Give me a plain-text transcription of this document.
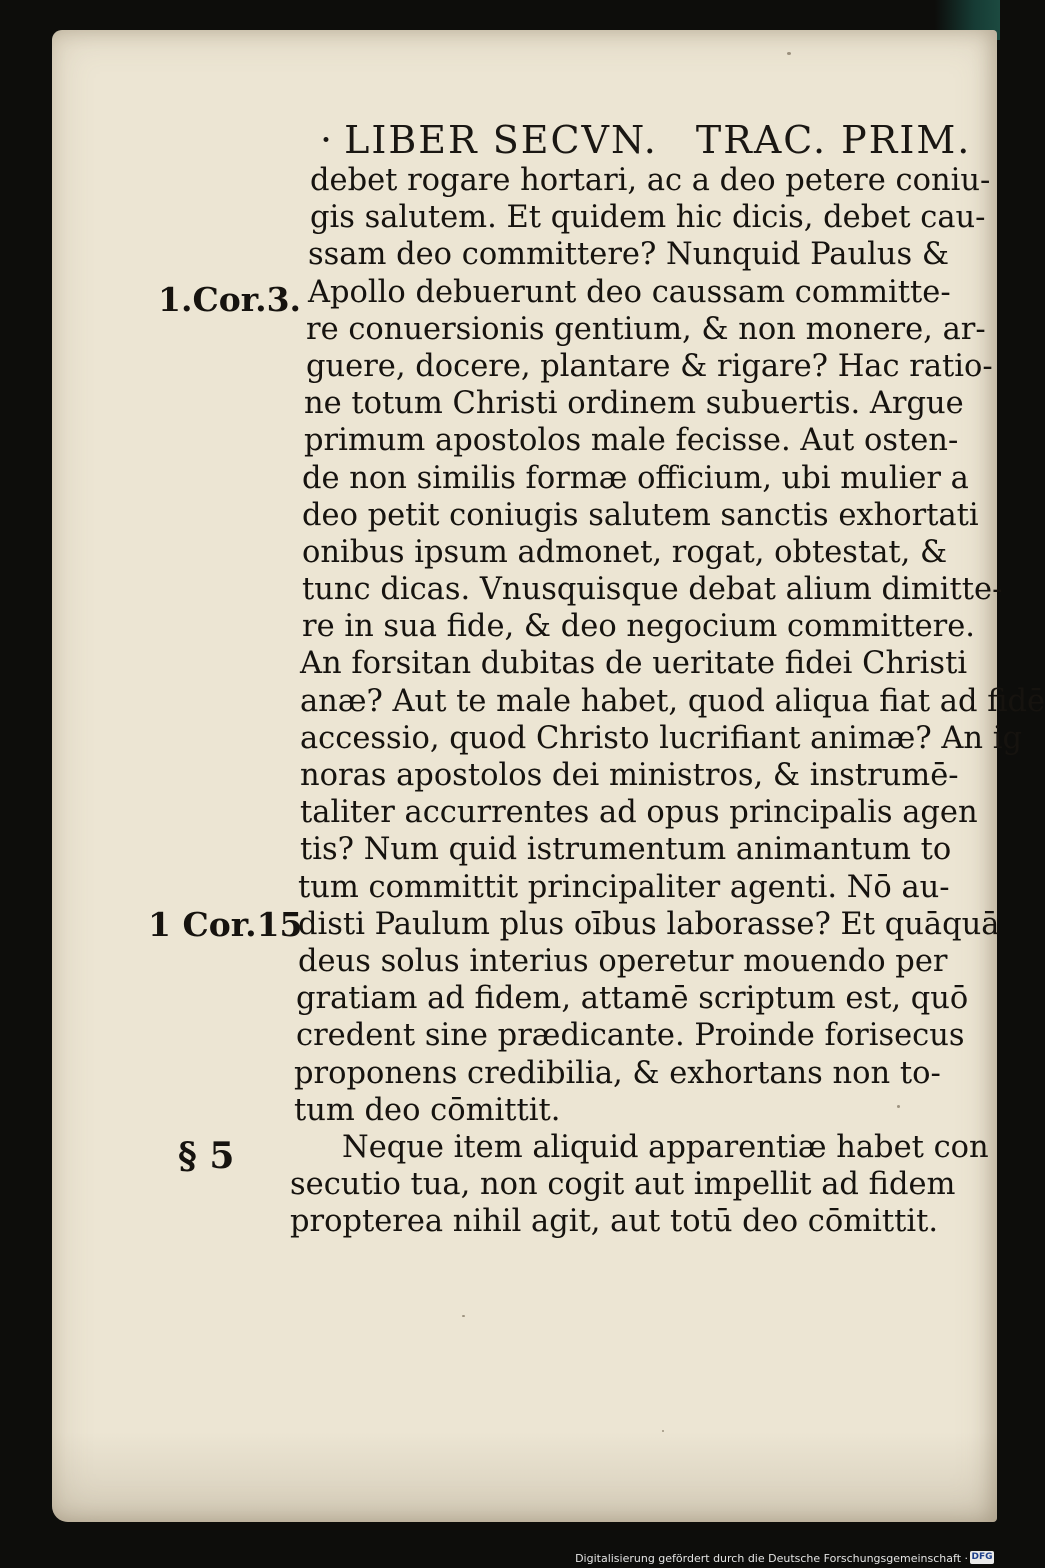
· LIBER SECVN. TRAC. PRIM.
1.Cor.3.
1 Cor.15
§ 5
debet rogare hortari, ac a deo petere coniu-
gis salutem. Et quidem hic dicis, debet cau-
ssam deo committere? Nunquid Paulus &
Apollo debuerunt deo caussam committe-
re conuersionis gentium, & non monere, ar-
guere, docere, plantare & rigare? Hac ratio-
ne totum Christi ordinem subuertis. Argue
primum apostolos male fecisse. Aut osten-
de non similis formæ officium, ubi mulier a
deo petit coniugis salutem sanctis exhortati
onibus ipsum admonet, rogat, obtestat, &
tunc dicas. Vnusquisque debat alium dimitte-
re in sua fide, & deo negocium committere.
An forsitan dubitas de ueritate fidei Christi
anæ? Aut te male habet, quod aliqua fiat ad fidē
accessio, quod Christo lucrifiant animæ? An ig
noras apostolos dei ministros, & instrumē-
taliter accurrentes ad opus principalis agen
tis? Num quid istrumentum animantum to
tum committit principaliter agenti. Nō au-
disti Paulum plus oībus laborasse? Et quāquā
deus solus interius operetur mouendo per
gratiam ad fidem, attamē scriptum est, quō
credent sine prædicante. Proinde forisecus
proponens credibilia, & exhortans non to-
tum deo cōmittit.
Neque item aliquid apparentiæ habet con
secutio tua, non cogit aut impellit ad fidem
propterea nihil agit, aut totū deo cōmittit.
Digitalisierung gefördert durch die Deutsche Forschungsgemeinschaft · DFG
